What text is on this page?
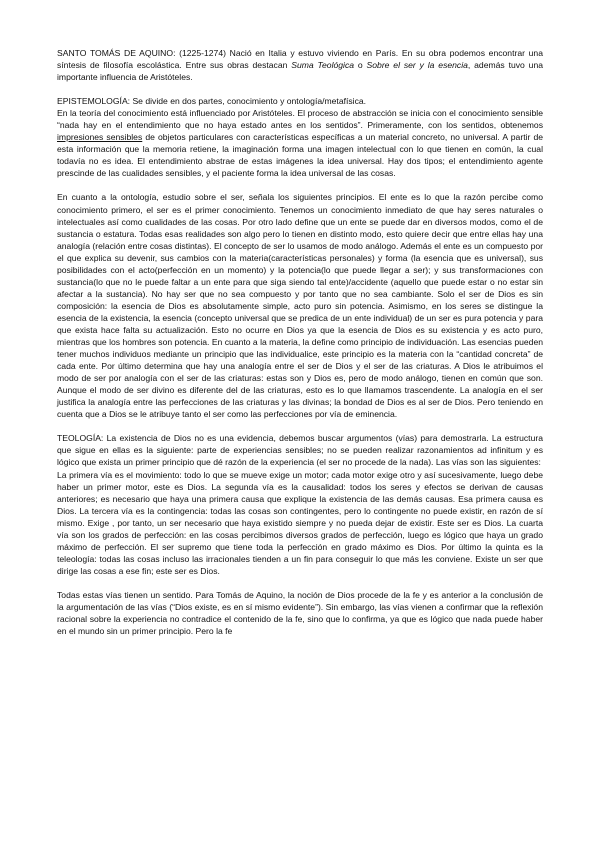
SANTO TOMÁS DE AQUINO: (1225-1274) Nació en Italia y estuvo viviendo en París. En su obra podemos encontrar una síntesis de filosofía escolástica. Entre sus obras destacan Suma Teológica o Sobre el ser y la esencia, además tuvo una importante influencia de Aristóteles.

EPISTEMOLOGÍA: Se divide en dos partes, conocimiento y ontología/metafísica.

En la teoría del conocimiento está influenciado por Aristóteles. El proceso de abstracción se inicia con el conocimiento sensible “nada hay en el entendimiento que no haya estado antes en los sentidos”. Primeramente, con los sentidos, obtenemos impresiones sensibles de objetos particulares con características específicas a un material concreto, no universal. A partir de esta información que la memoria retiene, la imaginación forma una imagen intelectual con lo que tienen en común, la cual todavía no es idea. El entendimiento abstrae de estas imágenes la idea universal. Hay dos tipos; el entendimiento agente prescinde de las cualidades sensibles, y el paciente forma la idea universal de las cosas.

En cuanto a la ontología, estudio sobre el ser, señala los siguientes principios. El ente es lo que la razón percibe como conocimiento primero, el ser es el primer conocimiento. Tenemos un conocimiento inmediato de que hay seres naturales o intelectuales así como cualidades de las cosas. Por otro lado define que un ente se puede dar en diversos modos, como el de sustancia o estatura. Todas esas realidades son algo pero lo tienen en distinto modo, esto quiere decir que entre ellas hay una analogía (relación entre cosas distintas). El concepto de ser lo usamos de modo análogo. Además el ente es un compuesto por el que explica su devenir, sus cambios con la materia(características personales) y forma (la esencia que es universal), sus posibilidades con el acto(perfección en un momento) y la potencia(lo que puede llegar a ser); y sus transformaciones con sustancia(lo que no le puede faltar a un ente para que siga siendo tal ente)/accidente (aquello que puede estar o no estar sin afectar a la sustancia). No hay ser que no sea compuesto y por tanto que no sea cambiante. Solo el ser de Dios es sin composición: la esencia de Dios es absolutamente simple, acto puro sin potencia. Asimismo, en los seres se distingue la esencia de la existencia, la esencia (concepto universal que se predica de un ente individual) de un ser es pura potencia y para que exista hace falta su actualización. Esto no ocurre en Dios ya que la esencia de Dios es su existencia y es acto puro, mientras que los hombres son potencia. En cuanto a la materia, la define como principio de individuación. Las esencias pueden tener muchos individuos mediante un principio que las individualice, este principio es la materia con la “cantidad concreta” de cada ente. Por último determina que hay una analogía entre el ser de Dios y el ser de las criaturas. A Dios le atribuimos el modo de ser por analogía con el ser de las criaturas: estas son y Dios es, pero de modo análogo, tienen en común que son. Aunque el modo de ser divino es diferente del de las criaturas, esto es lo que llamamos trascendente. La analogía en el ser justifica la analogía entre las perfecciones de las criaturas y las divinas; la bondad de Dios es al ser de Dios. Pero teniendo en cuenta que a Dios se le atribuye tanto el ser como las perfecciones por vía de eminencia.

TEOLOGÍA: La existencia de Dios no es una evidencia, debemos buscar argumentos (vías) para demostrarla. La estructura que sigue en ellas es la siguiente: parte de experiencias sensibles; no se pueden realizar razonamientos ad infinitum y es lógico que exista un primer principio que dé razón de la experiencia (el ser no procede de la nada). Las vías son las siguientes:

La primera vía es el movimiento: todo lo que se mueve exige un motor; cada motor exige otro y así sucesivamente, luego debe haber un primer motor, este es Dios. La segunda vía es la causalidad: todos los seres y efectos se derivan de causas anteriores; es necesario que haya una primera causa que explique la existencia de las demás causas. Esa primera causa es Dios. La tercera vía es la contingencia: todas las cosas son contingentes, pero lo contingente no puede existir, en razón de sí mismo. Exige , por tanto, un ser necesario que haya existido siempre y no pueda dejar de existir. Este ser es Dios. La cuarta vía son los grados de perfección: en las cosas percibimos diversos grados de perfección, luego es lógico que haya un grado máximo de perfección. El ser supremo que tiene toda la perfección en grado máximo es Dios. Por último la quinta es la teleología: todas las cosas incluso las irracionales tienden a un fin para conseguir lo que más les conviene. Existe un ser que dirige las cosas a ese fin; este ser es Dios.

Todas estas vías tienen un sentido. Para Tomás de Aquino, la noción de Dios procede de la fe y es anterior a la conclusión de la argumentación de las vías (“Dios existe, es en sí mismo evidente”). Sin embargo, las vías vienen a confirmar que la reflexión racional sobre la experiencia no contradice el contenido de la fe, sino que lo confirma, ya que es lógico que nada puede haber en el mundo sin un primer principio. Pero la fe
